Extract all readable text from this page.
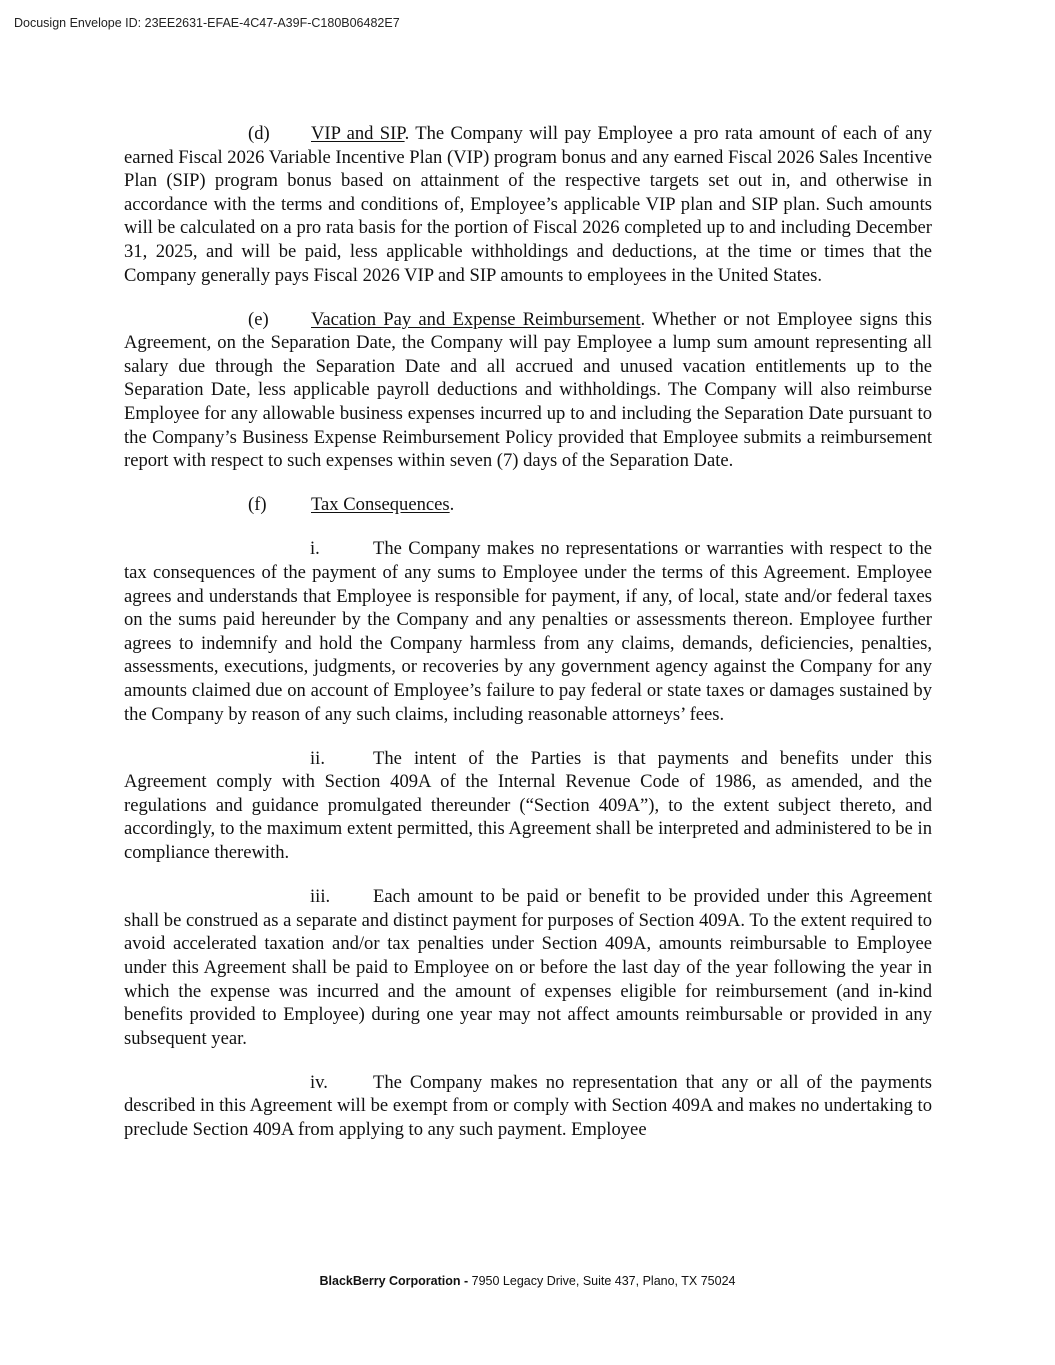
Docusign Envelope ID: 23EE2631-EFAE-4C47-A39F-C180B06482E7

(d) VIP and SIP. The Company will pay Employee a pro rata amount of each of any earned Fiscal 2026 Variable Incentive Plan (VIP) program bonus and any earned Fiscal 2026 Sales Incentive Plan (SIP) program bonus based on attainment of the respective targets set out in, and otherwise in accordance with the terms and conditions of, Employee’s applicable VIP plan and SIP plan. Such amounts will be calculated on a pro rata basis for the portion of Fiscal 2026 completed up to and including December 31, 2025, and will be paid, less applicable withholdings and deductions, at the time or times that the Company generally pays Fiscal 2026 VIP and SIP amounts to employees in the United States.

(e) Vacation Pay and Expense Reimbursement. Whether or not Employee signs this Agreement, on the Separation Date, the Company will pay Employee a lump sum amount representing all salary due through the Separation Date and all accrued and unused vacation entitlements up to the Separation Date, less applicable payroll deductions and withholdings. The Company will also reimburse Employee for any allowable business expenses incurred up to and including the Separation Date pursuant to the Company’s Business Expense Reimbursement Policy provided that Employee submits a reimbursement report with respect to such expenses within seven (7) days of the Separation Date.

(f) Tax Consequences.

i.	The Company makes no representations or warranties with respect to the tax consequences of the payment of any sums to Employee under the terms of this Agreement. Employee agrees and understands that Employee is responsible for payment, if any, of local, state and/or federal taxes on the sums paid hereunder by the Company and any penalties or assessments thereon. Employee further agrees to indemnify and hold the Company harmless from any claims, demands, deficiencies, penalties, assessments, executions, judgments, or recoveries by any government agency against the Company for any amounts claimed due on account of Employee’s failure to pay federal or state taxes or damages sustained by the Company by reason of any such claims, including reasonable attorneys’ fees.

ii.	The intent of the Parties is that payments and benefits under this Agreement comply with Section 409A of the Internal Revenue Code of 1986, as amended, and the regulations and guidance promulgated thereunder (“Section 409A”), to the extent subject thereto, and accordingly, to the maximum extent permitted, this Agreement shall be interpreted and administered to be in compliance therewith.

iii. Each amount to be paid or benefit to be provided under this Agreement shall be construed as a separate and distinct payment for purposes of Section 409A. To the extent required to avoid accelerated taxation and/or tax penalties under Section 409A, amounts reimbursable to Employee under this Agreement shall be paid to Employee on or before the last day of the year following the year in which the expense was incurred and the amount of expenses eligible for reimbursement (and in-kind benefits provided to Employee) during one year may not affect amounts reimbursable or provided in any subsequent year.

iv. The Company makes no representation that any or all of the payments described in this Agreement will be exempt from or comply with Section 409A and makes no undertaking to preclude Section 409A from applying to any such payment. Employee

BlackBerry Corporation - 7950 Legacy Drive, Suite 437, Plano, TX 75024
